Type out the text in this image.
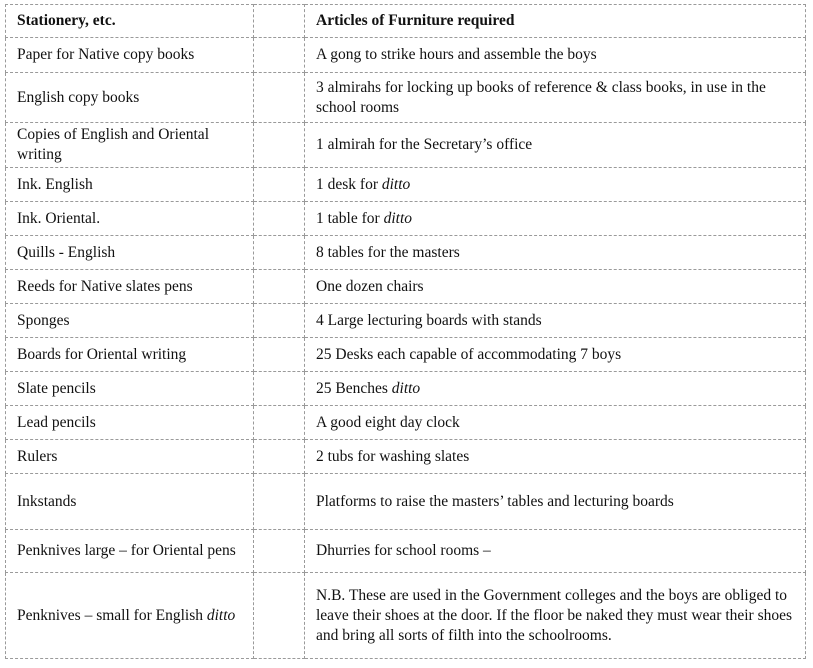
Stationery, etc.		Articles of Furniture required
Paper for Native copy books		A gong to strike hours and assemble the boys
English copy books		3 almirahs for locking up books of reference & class books, in use in the school rooms
Copies of English and Oriental writing		1 almirah for the Secretary’s office
Ink. English		1 desk for ditto
Ink. Oriental.		1 table for ditto
Quills - English		8 tables for the masters
Reeds for Native slates pens		One dozen chairs
Sponges		4 Large lecturing boards with stands
Boards for Oriental writing		25 Desks each capable of accommodating 7 boys
Slate pencils		25 Benches ditto
Lead pencils		A good eight day clock
Rulers		2 tubs for washing slates
Inkstands		Platforms to raise the masters’ tables and lecturing boards
Penknives large – for Oriental pens		Dhurries for school rooms –
Penknives – small for English ditto		N.B. These are used in the Government colleges and the boys are obliged to leave their shoes at the door. If the floor be naked they must wear their shoes and bring all sorts of filth into the schoolrooms.
